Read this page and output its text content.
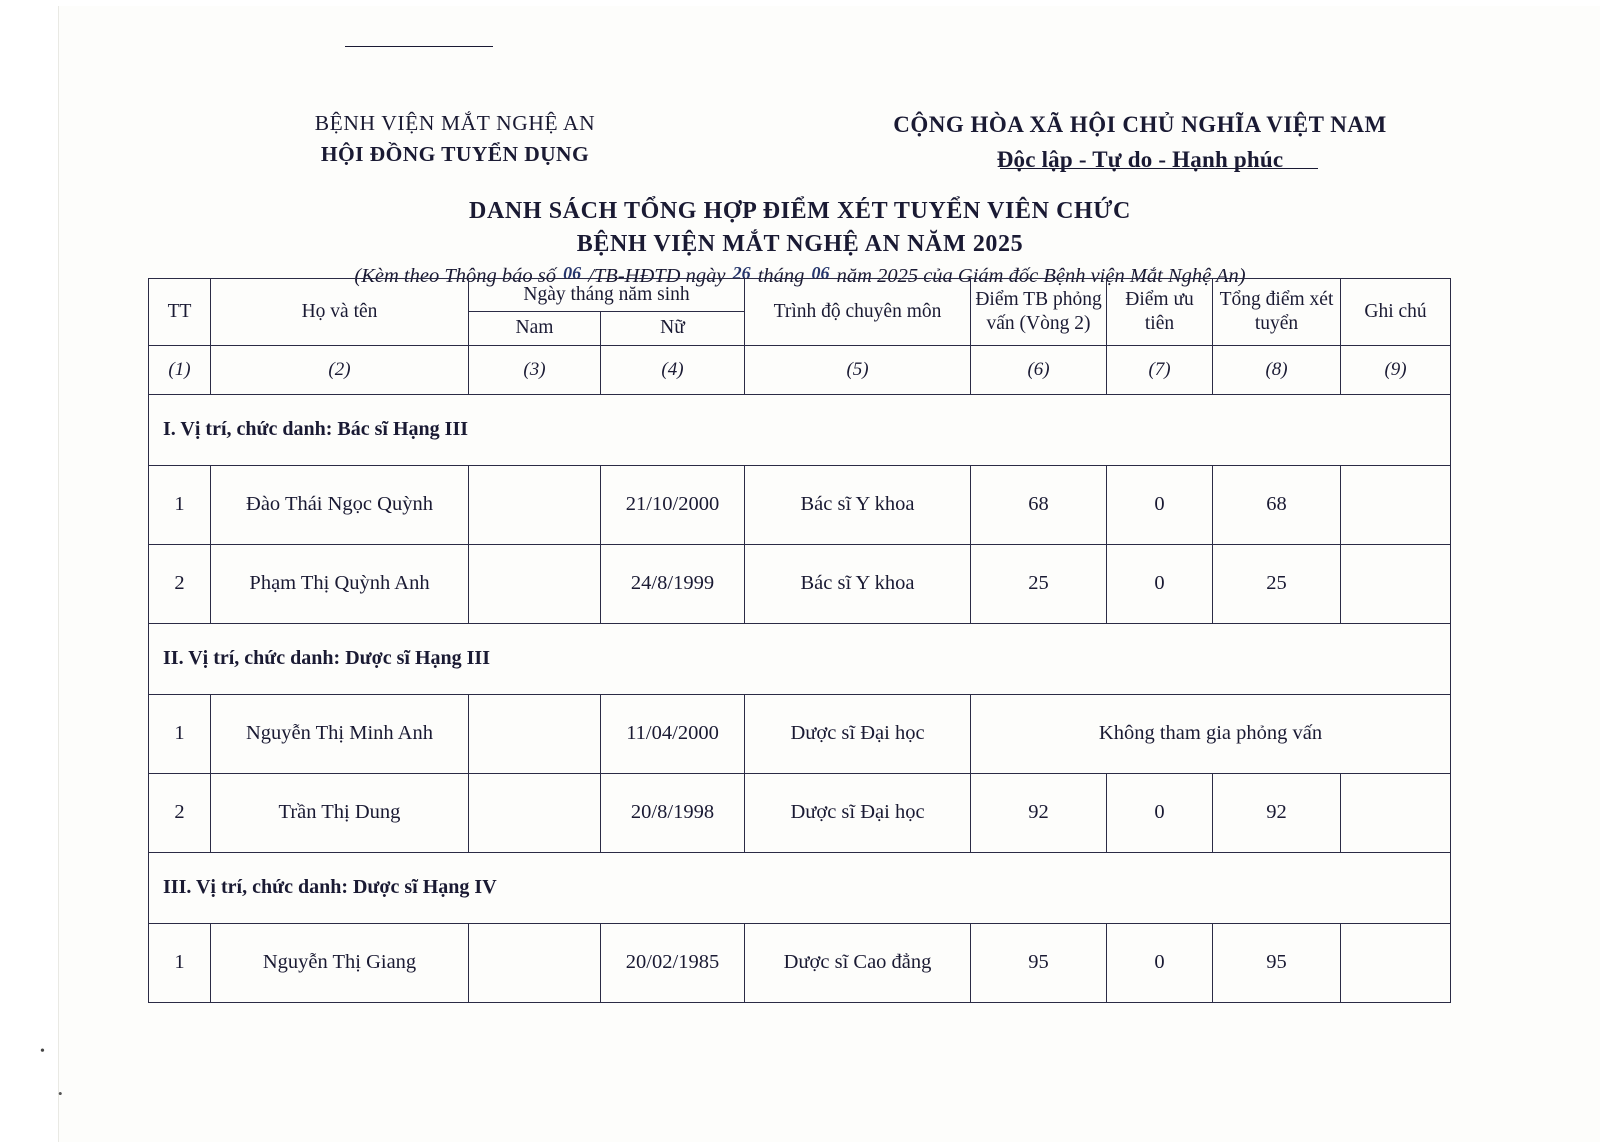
BỆNH VIỆN MẮT NGHỆ AN
HỘI ĐỒNG TUYỂN DỤNG
CỘNG HÒA XÃ HỘI CHỦ NGHĨA VIỆT NAM
Độc lập - Tự do - Hạnh phúc
DANH SÁCH TỔNG HỢP ĐIỂM XÉT TUYỂN VIÊN CHỨC
BỆNH VIỆN MẮT NGHỆ AN NĂM 2025
(Kèm theo Thông báo số 06 /TB-HĐTD ngày 26 tháng 06 năm 2025 của Giám đốc Bệnh viện Mắt Nghệ An)
TT	Họ và tên	Ngày tháng năm sinh		Trình độ chuyên môn	Điểm TB phỏng vấn (Vòng 2)	Điểm ưu tiên	Tổng điểm xét tuyển	Ghi chú
		Nam	Nữ					
(1)	(2)	(3)	(4)	(5)	(6)	(7)	(8)	(9)
I. Vị trí, chức danh: Bác sĩ Hạng III								
1	Đào Thái Ngọc Quỳnh		21/10/2000	Bác sĩ Y khoa	68	0	68	
2	Phạm Thị Quỳnh Anh		24/8/1999	Bác sĩ Y khoa	25	0	25	
II. Vị trí, chức danh: Dược sĩ Hạng III								
1	Nguyễn Thị Minh Anh		11/04/2000	Dược sĩ Đại học	Không tham gia phỏng vấn			
2	Trần Thị Dung		20/8/1998	Dược sĩ Đại học	92	0	92	
III. Vị trí, chức danh: Dược sĩ Hạng IV								
1	Nguyễn Thị Giang		20/02/1985	Dược sĩ Cao đẳng	95	0	95	
•
•
